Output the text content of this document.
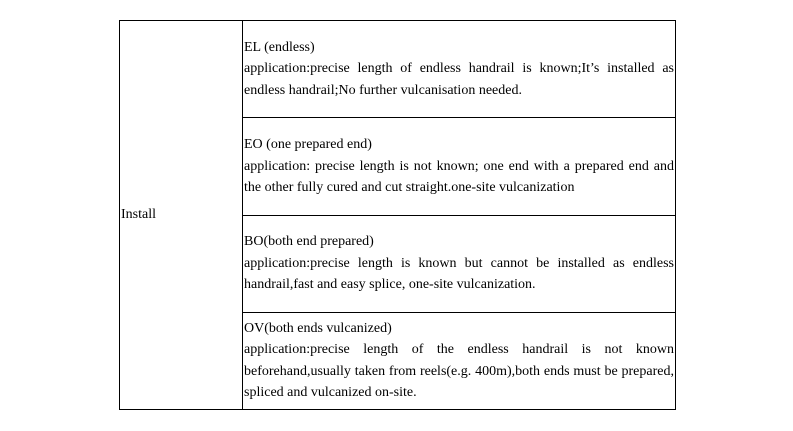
Install

EL (endless)
application:precise length of endless handrail is known;It’s installed as endless handrail;No further vulcanisation needed.

EO (one prepared end)
application: precise length is not known; one end with a prepared end and the other fully cured and cut straight.one-site vulcanization

BO(both end prepared)
application:precise length is known but cannot be installed as endless handrail,fast and easy splice, one-site vulcanization.

OV(both ends vulcanized)
application:precise length of the endless handrail is not known beforehand,usually taken from reels(e.g. 400m),both ends must be prepared, spliced and vulcanized on-site.
